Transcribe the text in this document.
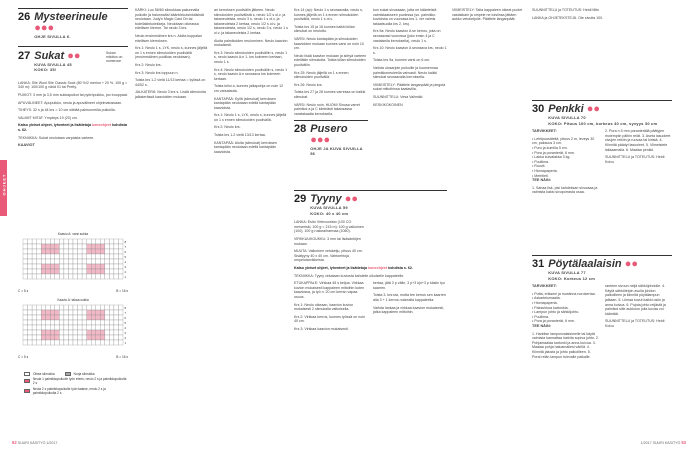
OHJEET
26 Mysteerineule ●●●
OHJE SIVULLA 6.
27 Sukat ●●
KUVA SIVULLA 45
KOKO: 35/
Sukan mitoitus on numeroon

LANKA: Sile Wool Sile Classic Sock (80 %/2 merino + 20 %, 100 g = 340 m): 100/100 g väriä 01 tai Pretty.

PUIKOT: 3 mm ja 3,5 mm sukkapuikot tai pyöröpuikko, joo truoppaat.

APUVÄLINEET: Apupuikko, neula ja apuvälineet ohjelmatossaan.

TIHEYS: 32 s ja 44 krs = 10 cm silelää palmunneilla puikoilla.

VALMIIT MITAT: Ympärys 19 (20) cm.

Katso yleiset ohjeet, lyhenteet ja lisätietoja koneohjeet kohdista s. 62.

TEKNIIKKA: Sukat neulotaan varpaista varteen.

KAAVIOT

Kaavio A: varsi sukka
8
7
6
5
4
3
2
1
C = 5 s	B = 16 s
Kaavio A: takaa sukka
8
7
6
5
4
3
2
1
C = 5 s	B = 16 s
Oikea silmukka	Nurja silmukka
Neula 1 palmikkopuikolle työn eteen, neulo 2 s ja palmikkopuikolta 2 s
Neula 2 s palmikkopuikolle työn taakse, neulo 2 s ja palmikkopuikolta 2 s

KÄRKI: Luo 56/60 silmukkaa pakunnalla puikolle ja halunnalta! kääntörkutsinkäisistä neulotaan. Judy's Magic Cast On tai todellakinkoiekkeja. Neulotaan oikeassa edellisen kierron. Tai neulo 3 krs.

Neulo ensimmäinen krs n. Aloita kuppalan edellisen kierroksen.

Krs 1: Neulo 1 s, LYK, neulo s, kunnes jäljellä on 1 s ennen silmukoiden puoliväliä (ensimmäinen puolikas neulotaan).

Krs 2: Neulo krs.

Krs 3: Neulo krs toppuun n.

Toista krs 1-2 vielä 11/13 kertaa = kylissä on 44/52 s.

JALKATERÄ: Neulo 3 krs s. Lisää silmukoita jalkaterässä kaavioiden mukaan.

ari kerroksen puolivälin jälkeen. Neulo silmukoiden puolivälistä s, neulo 1/2 s ol.v. ja takaneuleista, neulo 3 s, neulo 1 s ol.v. ja takaneuleista 2 kertaa, neulo 1/2 s ol.v. ja takaneuleista, neulo 1/2 s, neulo 3 s, neulo 1 s ol.v. ja takaneuleista 2 kertaa.

Aloita palmikoiden neulominen. Neulo kaavion mukaisesti.

Krs 3: Neulo silmukoiden puoliväliin s, neulo 1 s, neulo kaavio A:n 1. krs kolmeen kertaan, neulo 1 s.

Krs 4: Neulo silmukoiden puoliväliin s, neulo 1 s, neulo kaavio A:n seuraava krs kolmeen kertaan.

Toista kriisi a, kunnes jalkapohja on noin 12 cm varsatauta.

KANTAPÄÄ: Kyllä (silmukat) kerroksen kantapään neulotaan edellä kantapään kaavioista.

Krs 1: Neulo 1 s, LYK, neulo s, kunnes jäljellä on 1 s ennen silmukoiden puoliväliä.

Krs 2: Neulo krs.

Toista krs 1-2 vielä 13/13 kertaa.

KANTAPÄÄ: Aloita (silmukat) kerroksen kantapään neulotaan edellä kantapään kaavioista.

Krs 14 (ap): Neulo 1 s seuraavalla, neulo s, kunnes jäljellä on 1 s ennen silmukoiden puoliväliä, neulo 1 s ol.v.

Toista krs 15 ja 16 kunnes kaikki kiilan silmukat on neulottu.

VARSI: Neulo kantapään ja silmukoiden kaavioiden mukaan kunnes varsi on noin 10 cm.

Neulo lisää kaavion mukaan ja siirtyä varteen edelläkin silmukoita. Toista kiilan silmukoiden puoliväliin.

Krs 25: Neulo jäljellä on 1 s ennen silmukoiden puoliväliä.

Krs 26: Neulo krs.

Toista krs 27 ja 28 kunnes varressa on kaikki silmukat.

VARSI: Neulo noin. HUOM! Sinusa varret palmikot a ja C kiinteästi takaosassa varatakaatta kerroksella.

28 Pusero ●●●
OHJE JA KUVA SIVUILLA 56

kun sukat sivussaan, jotta ne käänteisiä valmistaakseen puolessa (so. palmikko kuvioissa on vuorossa krs 1, ver valmis takaatsuolla krs 2, krs).

Krs 9a: Neulo kaavion A se kerros, joka on seuraavasi vuorossa (joko ensin 4 ja C vastaisella kerroksella), neulo 1 s.

Krs 10: Neulo kaavion A seuraava krs, neulo 1 s.

Toista krs 9a, kunnes varsi on 6 cm.

Vaihda ulosarjoin puikoille ja kuumennaa palmikkoneuleella vahvasti. Neulo kaikki silmukat seuraavalla kerroksella.

VIIMEISTELY: Päättele langanpäät ja pingota sukat mittoihinsa kaatavilla.

SUUNNITTELU: Vesa Valimäki

KESKIKOKOINEN

29 Tyyny ●●
KUVA SIVULLA 59
KOKO: 40 x 40 cm

LANKA: Esito Virtevuoristo (100 CO merseriski, 100 g = 215 m): 100 g valkoinen (100), 100 g ruskea/harmaa (1060).

VIRKKUUKOUKKU: 3 mm tai lisäsäntöjen mukaan.

MUUTA: Valkoinen vetoketju, pituus 40 cm. Sisätyyny 40 x 40 cm. Vahtoehtoja ompelutarvikkeista.

Katso yleiset ohjeet, lyhenteet ja lisätietoja koneohjeet kohdista s. 62.

TEKNIIKKA: Tyyny virkataan kuviosta kahdelle ulkoiselle kappaleelle.

ETUKAPPALE: Virkkaa 45 s ketjua. Virkkaa kuvion mukaisesti kappaleen mittoihin kuten kaaviossa, ja työ n. 20 cm kerran vapaa osuus.

Krs 1: Neulo oikeaan, kaavion kuvion mukaisesti 2 silmukalla valkoisella.

Krs 2: Virkkaa kerros, kunnes työssä on noin 40 cm.

Krs 3: Virkkaa kaavion mukaisesti.

kertaa, jätä 3 p välin, 3 p+3 kjn+3 p käsiin tyo kaarren.

Toista 3. krs:sta, mutta tee kerros sen kaarren alla 3 + 1 kerros ruskealla kappaleella.

Vaihda lankaa ja virkkaa kaavion mukaisesti, jatka kappaleen mittoihin.

VIIMEISTELY: Taita kappaleen oikeat puolet vastakkain ja ompele ne toisiinsa jättäen aukko vetoketjulle. Päättele langanpäät.

SUUNNITTELU ja TOTEUTUS: Heidi Mits

LANKA ja OHJETEKSTEJÄ. Ote sivulta 100.

30 Penkki ●●
KUVA SIVULLA 70
KOKO: Pituus 100 cm, korkeus 40 cm, syvyys 30 cm

TARVIKKEET:

• Lehtipuusäleitä, pituus 2 m, leveys 30 cm, paksuus 3 cm.
• Puru ja kumilla 5 cm.
• Pora ja poranterät, 6 mm.
• Lakka kuivalakka 3 kg.
• Puuliima.
• Ruuvit.
• Hiomapaperia.
• Metritieti.

TEE NÄIN:

1. Sahaa lisk. pisi kahdeksan sivuosaa ja valmista kaksi sivuporrasta osaa.

2. Pora n 5 mm poranterällä päätyjen molempiin päihin reiät. 3. Aseta lasuoleet sivujen reikiin ja ruuvaa tai kiristä. 4. Kiinnitä päädyt lasuoleet, 5. Viimeistele lakkaamalla. 6. Maalaa penkki.

SUUNNITTELU ja TOTEUTUS: Heidi Koivu

31 Pöytälaalaisin ●●
KUVA SIVULLA 77
KOKO: Korkeus 12 cm

TARVIKKEET:

• Putta, erikseni ja mustinna norokertaa.
• Askartelumaalia.
• Hiomapaperia.
• Paksuhkoa kartonkia.
• Lampun johto ja sähköjohto.
• Puuliima.
• Pora ja poranterät, 6 mm.

TEE NÄIN:

1. Harkitse lampunvalaisimelle tai käytä valmista kannattaa harkita sopiva johto. 2. Pohjamaalaa kartonki ja anna kuivua. 3. Maalaa pohja haluamallesi värillä. 4. Kiinnitä jalusta ja johto paikoilleen. 5. Porai reiän lampun tulevalle paikalle.

ranteen sivuun neljä sähköjohdolle. 4. Käytä sähköteipin avulla johdon paikoilleen ja kiinnitä pöytälampun jalkaan. 5. Liimaa kuvut kaikki osiin ja anna kuivua. 6. Pujota johto reijästä ja palmikoi sille aukkoon jolla kuvaa voi kääntää.

SUUNNITTELU ja TOTEUTUS: Heidi Koivu

52 SUURI KÄSITYÖ 1/2017	1/2017 SUURI KÄSITYÖ 53
